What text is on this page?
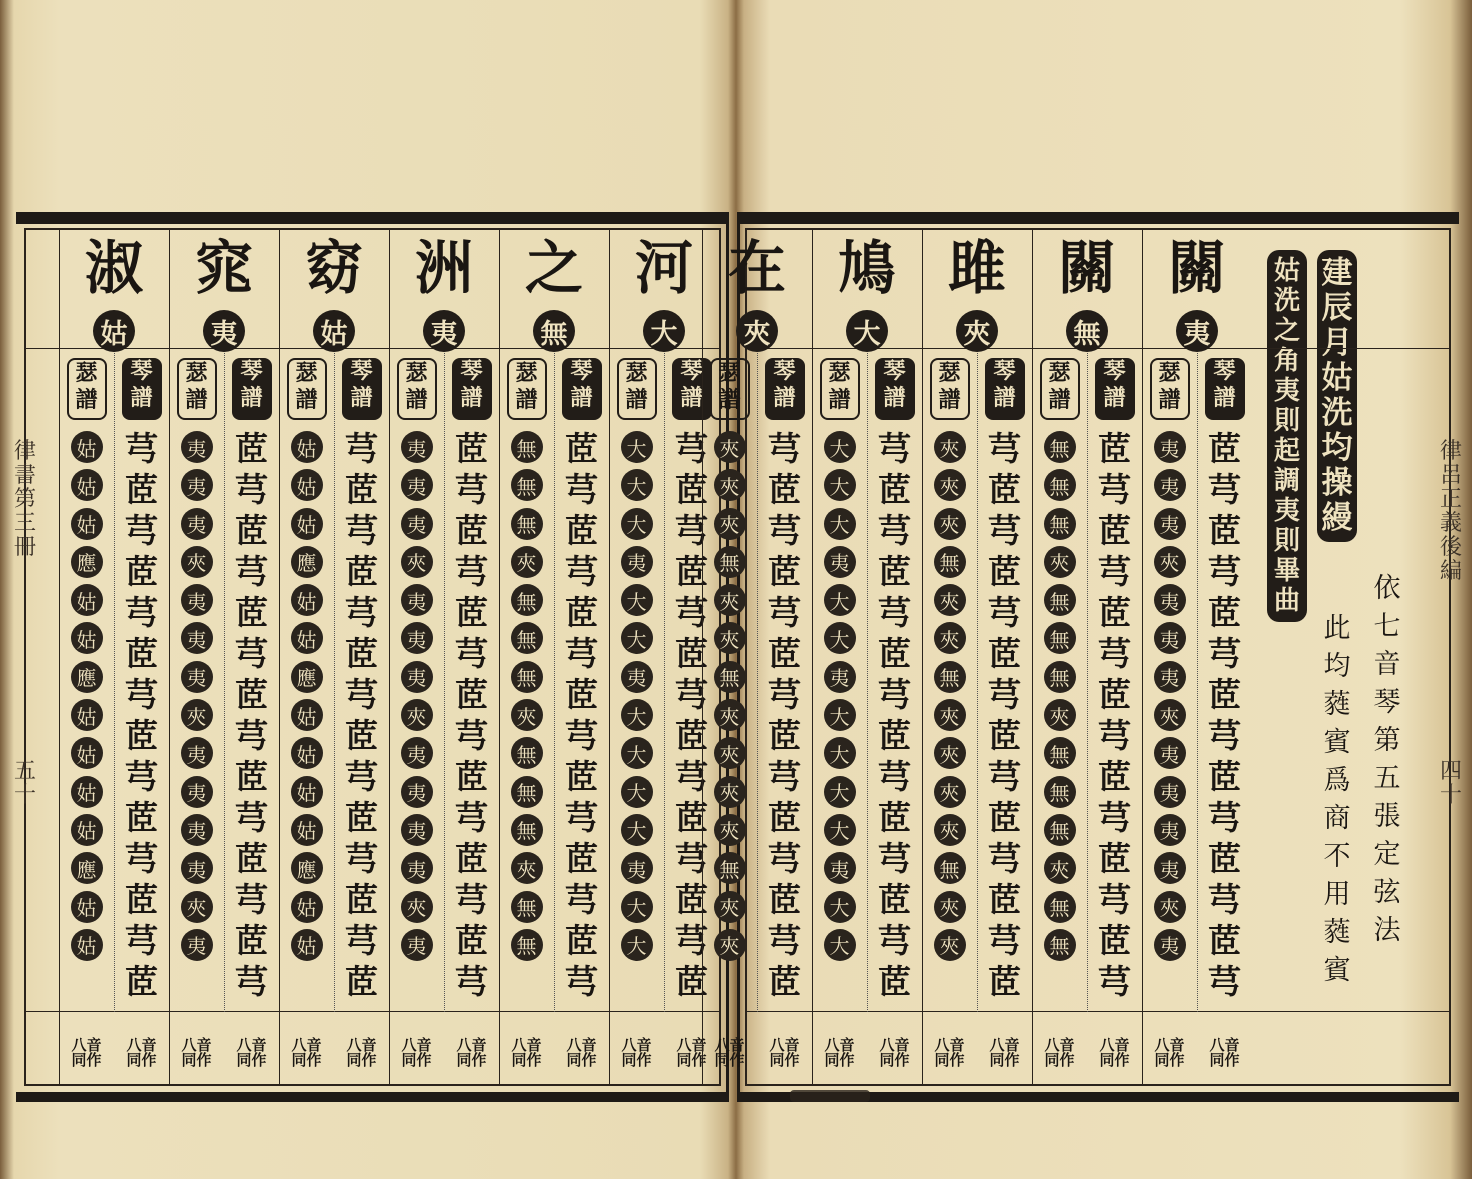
河
大
琴譜
瑟譜
芎
茝
芎
茝
芎
茝
芎
茝
芎
茝
芎
茝
芎
茝
大
大
大
夷
大
大
夷
大
大
大
大
夷
大
大
八音同作
八音同作
之
無
琴譜
瑟譜
茝
芎
茝
芎
茝
芎
茝
芎
茝
芎
茝
芎
茝
芎
無
無
無
夾
無
無
無
夾
無
無
無
夾
無
無
八音同作
八音同作
洲
夷
琴譜
瑟譜
茝
芎
茝
芎
茝
芎
茝
芎
茝
芎
茝
芎
茝
芎
夷
夷
夷
夾
夷
夷
夷
夾
夷
夷
夷
夷
夾
夷
八音同作
八音同作
窈
姑
琴譜
瑟譜
芎
茝
芎
茝
芎
茝
芎
茝
芎
茝
芎
茝
芎
茝
姑
姑
姑
應
姑
姑
應
姑
姑
姑
姑
應
姑
姑
八音同作
八音同作
窕
夷
琴譜
瑟譜
茝
芎
茝
芎
茝
芎
茝
芎
茝
芎
茝
芎
茝
芎
夷
夷
夷
夾
夷
夷
夷
夾
夷
夷
夷
夷
夾
夷
八音同作
八音同作
淑
姑
琴譜
瑟譜
芎
茝
芎
茝
芎
茝
芎
茝
芎
茝
芎
茝
芎
茝
姑
姑
姑
應
姑
姑
應
姑
姑
姑
姑
應
姑
姑
八音同作
八音同作
建辰月姑洗均操縵
姑洗之角夷則起調夷則畢曲	依七音琴第五張定弦法
此均蕤賓爲商不用蕤賓
關
夷
琴譜
瑟譜
茝
芎
茝
芎
茝
芎
茝
芎
茝
芎
茝
芎
茝
芎
夷
夷
夷
夾
夷
夷
夷
夾
夷
夷
夷
夷
夾
夷
八音同作
八音同作
關
無
琴譜
瑟譜
茝
芎
茝
芎
茝
芎
茝
芎
茝
芎
茝
芎
茝
芎
無
無
無
夾
無
無
無
夾
無
無
無
夾
無
無
八音同作
八音同作
雎
夾
琴譜
瑟譜
芎
茝
芎
茝
芎
茝
芎
茝
芎
茝
芎
茝
芎
茝
夾
夾
夾
無
夾
夾
無
夾
夾
夾
夾
無
夾
夾
八音同作
八音同作
鳩
大
琴譜
瑟譜
芎
茝
芎
茝
芎
茝
芎
茝
芎
茝
芎
茝
芎
茝
大
大
大
夷
大
大
夷
大
大
大
大
夷
大
大
八音同作
八音同作
在
夾
琴譜
瑟譜
芎
茝
芎
茝
芎
茝
芎
茝
芎
茝
芎
茝
芎
茝
夾
夾
夾
無
夾
夾
無
夾
夾
夾
夾
無
夾
夾
八音同作
八音同作
律書第三冊
五十
律呂正義後編
四十
